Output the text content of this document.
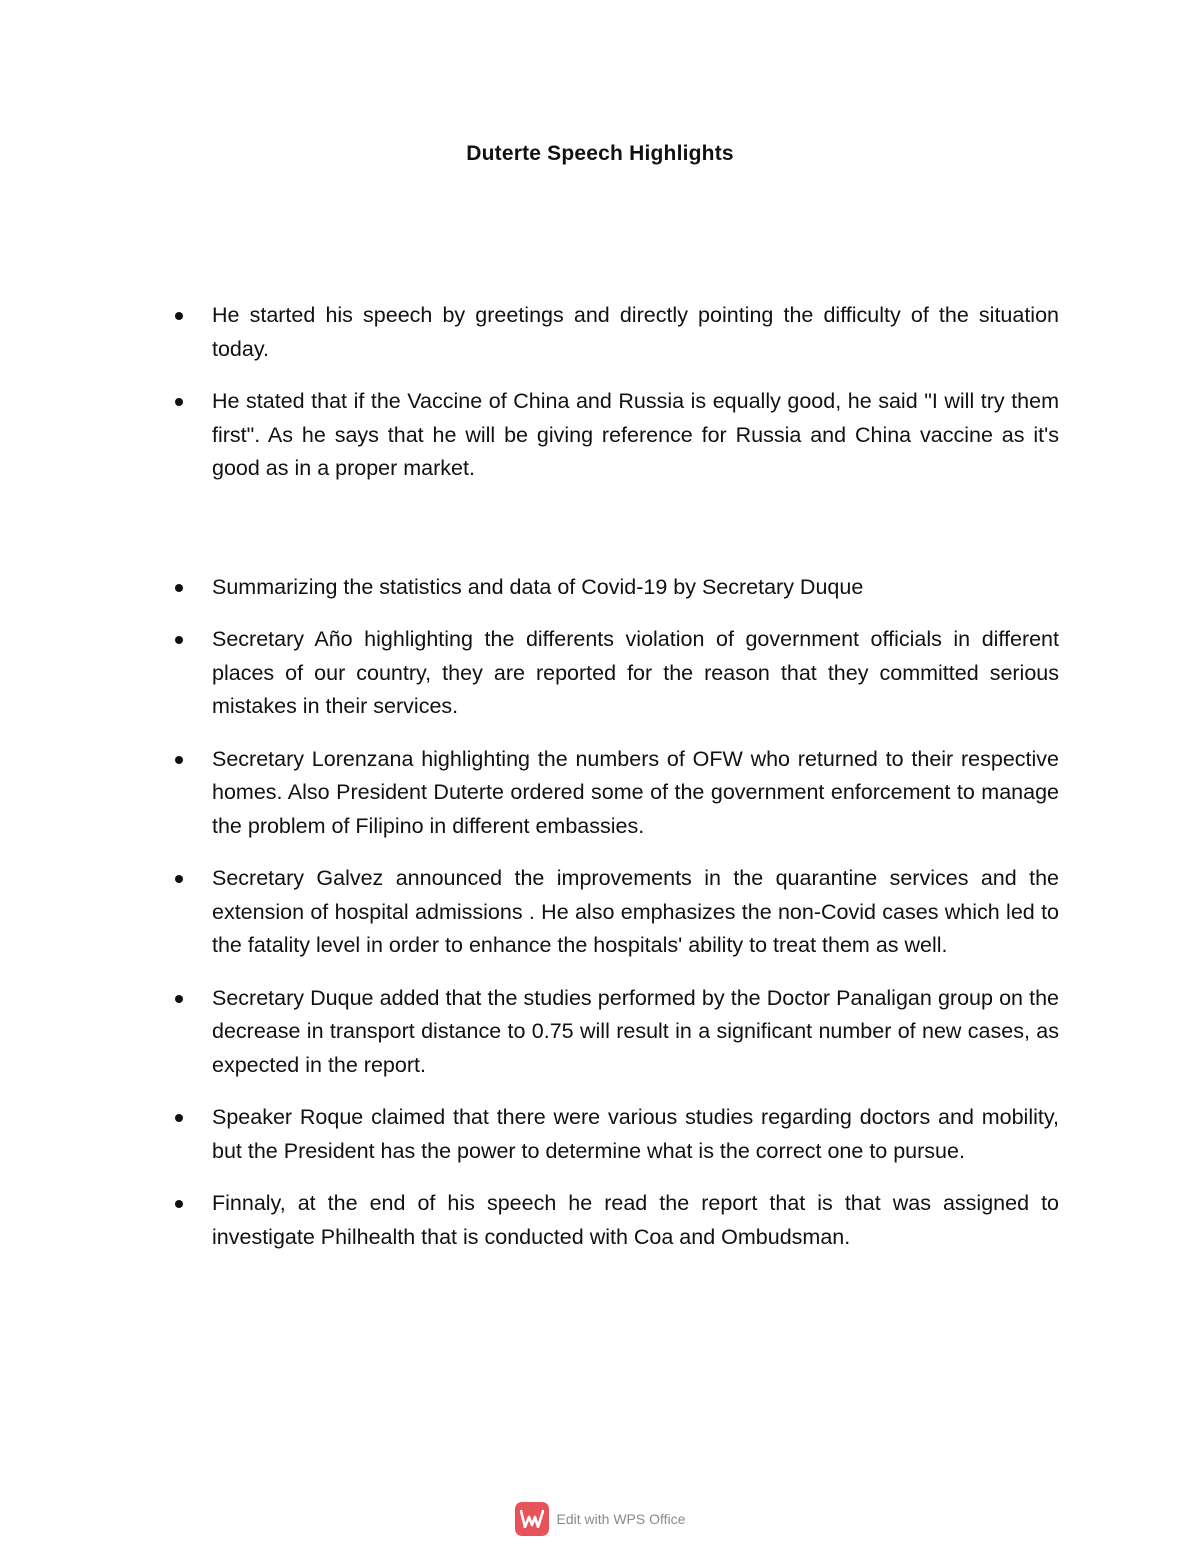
Duterte Speech Highlights
He started his speech by greetings and directly pointing the difficulty of the situation today.
He stated that if the Vaccine of China and Russia is equally good, he said "I will try them first". As he says that he will be giving reference for Russia and China vaccine as it's good as in a proper market.
Summarizing the statistics and data of Covid-19 by Secretary Duque
Secretary Año highlighting the differents violation of government officials in different places of our country, they are reported for the reason that they committed serious mistakes in their services.
Secretary Lorenzana highlighting the numbers of OFW who returned to their respective homes. Also President Duterte ordered some of the government enforcement to manage the problem of Filipino in different embassies.
Secretary Galvez announced the improvements in the quarantine services and the extension of hospital admissions . He also emphasizes the non-Covid cases which led to the fatality level in order to enhance the hospitals' ability to treat them as well.
Secretary Duque added that the studies performed by the Doctor Panaligan group on the decrease in transport distance to 0.75 will result in a significant number of new cases, as expected in the report.
Speaker Roque claimed that there were various studies regarding doctors and mobility, but the President has the power to determine what is the correct one to pursue.
Finnaly, at the end of his speech he read the report that is that was assigned to investigate Philhealth that is conducted with Coa and Ombudsman.
Edit with WPS Office
